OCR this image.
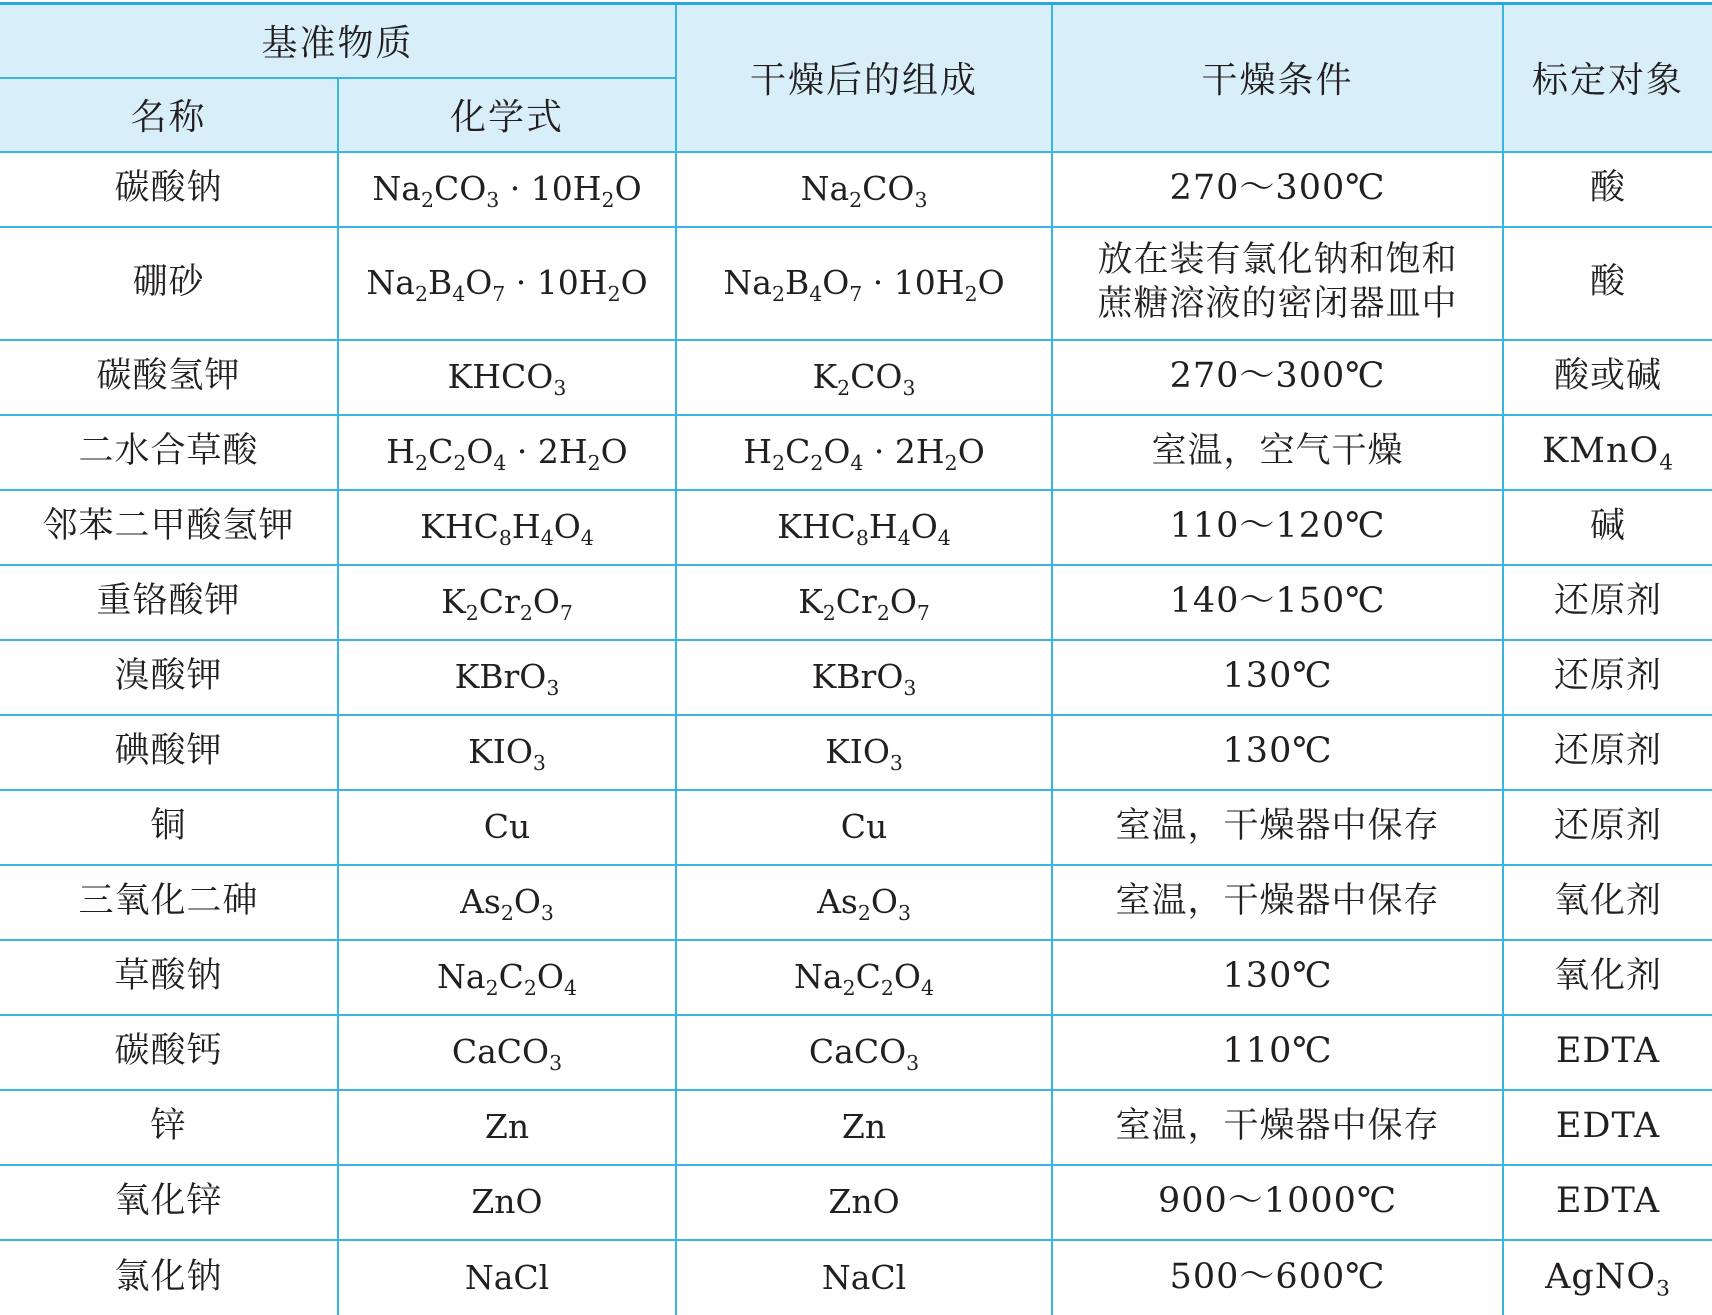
基准物质		干燥后的组成	干燥条件	标定对象
名称	化学式			
碳酸钠	$Na_2CO_3 \cdot 10H_2O$	$Na_2CO_3$	270～300℃	酸
硼砂	$Na_2B_4O_7 \cdot 10H_2O$	$Na_2B_4O_7 \cdot 10H_2O$	放在装有氯化钠和饱和蔗糖溶液的密闭器皿中	酸
碳酸氢钾	$KHCO_3$	$K_2CO_3$	270～300℃	酸或碱
二水合草酸	$H_2C_2O_4 \cdot 2H_2O$	$H_2C_2O_4 \cdot 2H_2O$	室温，空气干燥	KMnO$_4$
邻苯二甲酸氢钾	$KHC_8H_4O_4$	$KHC_8H_4O_4$	110～120℃	碱
重铬酸钾	$K_2Cr_2O_7$	$K_2Cr_2O_7$	140～150℃	还原剂
溴酸钾	KBrO$_3$	KBrO$_3$	130℃	还原剂
碘酸钾	$KIO_3$	$KIO_3$	130℃	还原剂
铜	Cu	Cu	室温，干燥器中保存	还原剂
三氧化二砷	$As_2O_3$	$As_2O_3$	室温，干燥器中保存	氧化剂
草酸钠	$Na_2C_2O_4$	$Na_2C_2O_4$	130℃	氧化剂
碳酸钙	CaCO$_3$	CaCO$_3$	110℃	EDTA
锌	Zn	Zn	室温，干燥器中保存	EDTA
氧化锌	ZnO	ZnO	900～1000℃	EDTA
氯化钠	NaCl	NaCl	500～600℃	AgNO$_3$
